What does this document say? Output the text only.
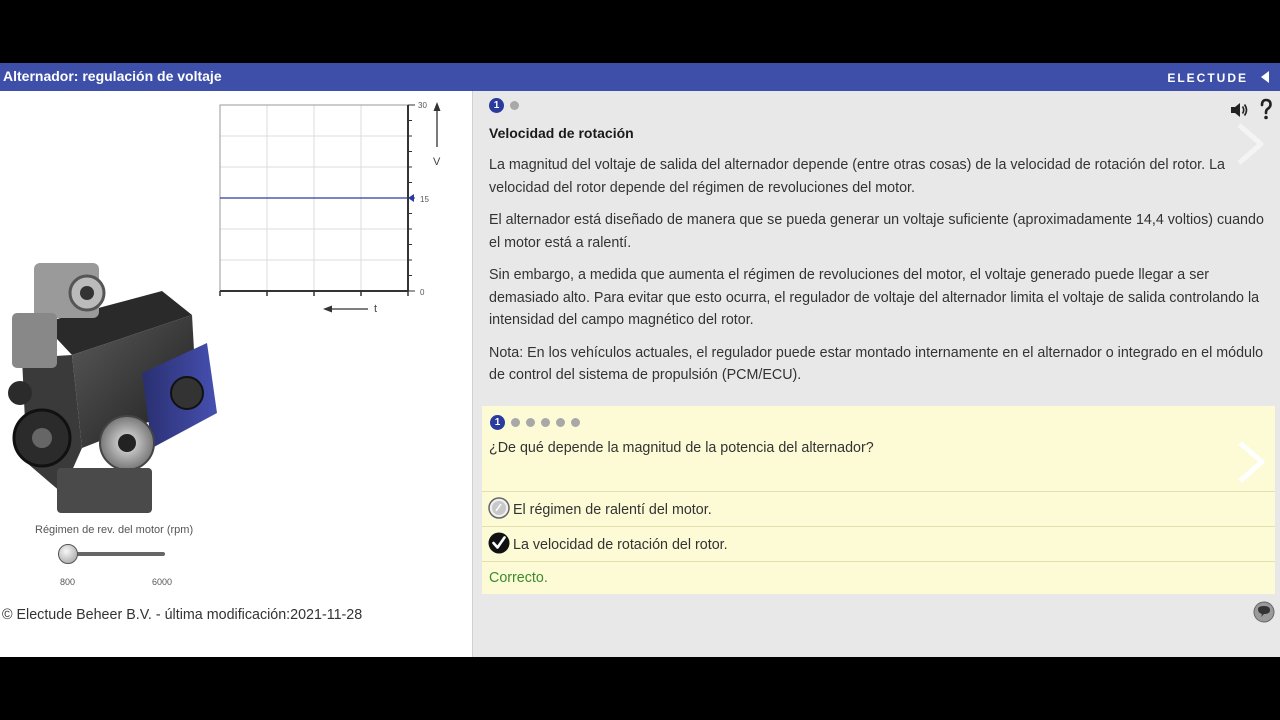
Alternador: regulación de voltaje	ELECTUDE
30
15
0
V
t
Régimen de rev. del motor (rpm)
800	6000
© Electude Beheer B.V. - última modificación:2021-11-28
1
Velocidad de rotación

La magnitud del voltaje de salida del alternador depende (entre otras cosas) de la velocidad de rotación del rotor. La velocidad del rotor depende del régimen de revoluciones del motor.

El alternador está diseñado de manera que se pueda generar un voltaje suficiente (aproximadamente 14,4 voltios) cuando el motor está a ralentí.

Sin embargo, a medida que aumenta el régimen de revoluciones del motor, el voltaje generado puede llegar a ser demasiado alto. Para evitar que esto ocurra, el regulador de voltaje del alternador limita el voltaje de salida controlando la intensidad del campo magnético del rotor.

Nota: En los vehículos actuales, el regulador puede estar montado internamente en el alternador o integrado en el módulo de control del sistema de propulsión (PCM/ECU).

1
¿De qué depende la magnitud de la potencia del alternador?
El régimen de ralentí del motor.
La velocidad de rotación del rotor.
Correcto.
